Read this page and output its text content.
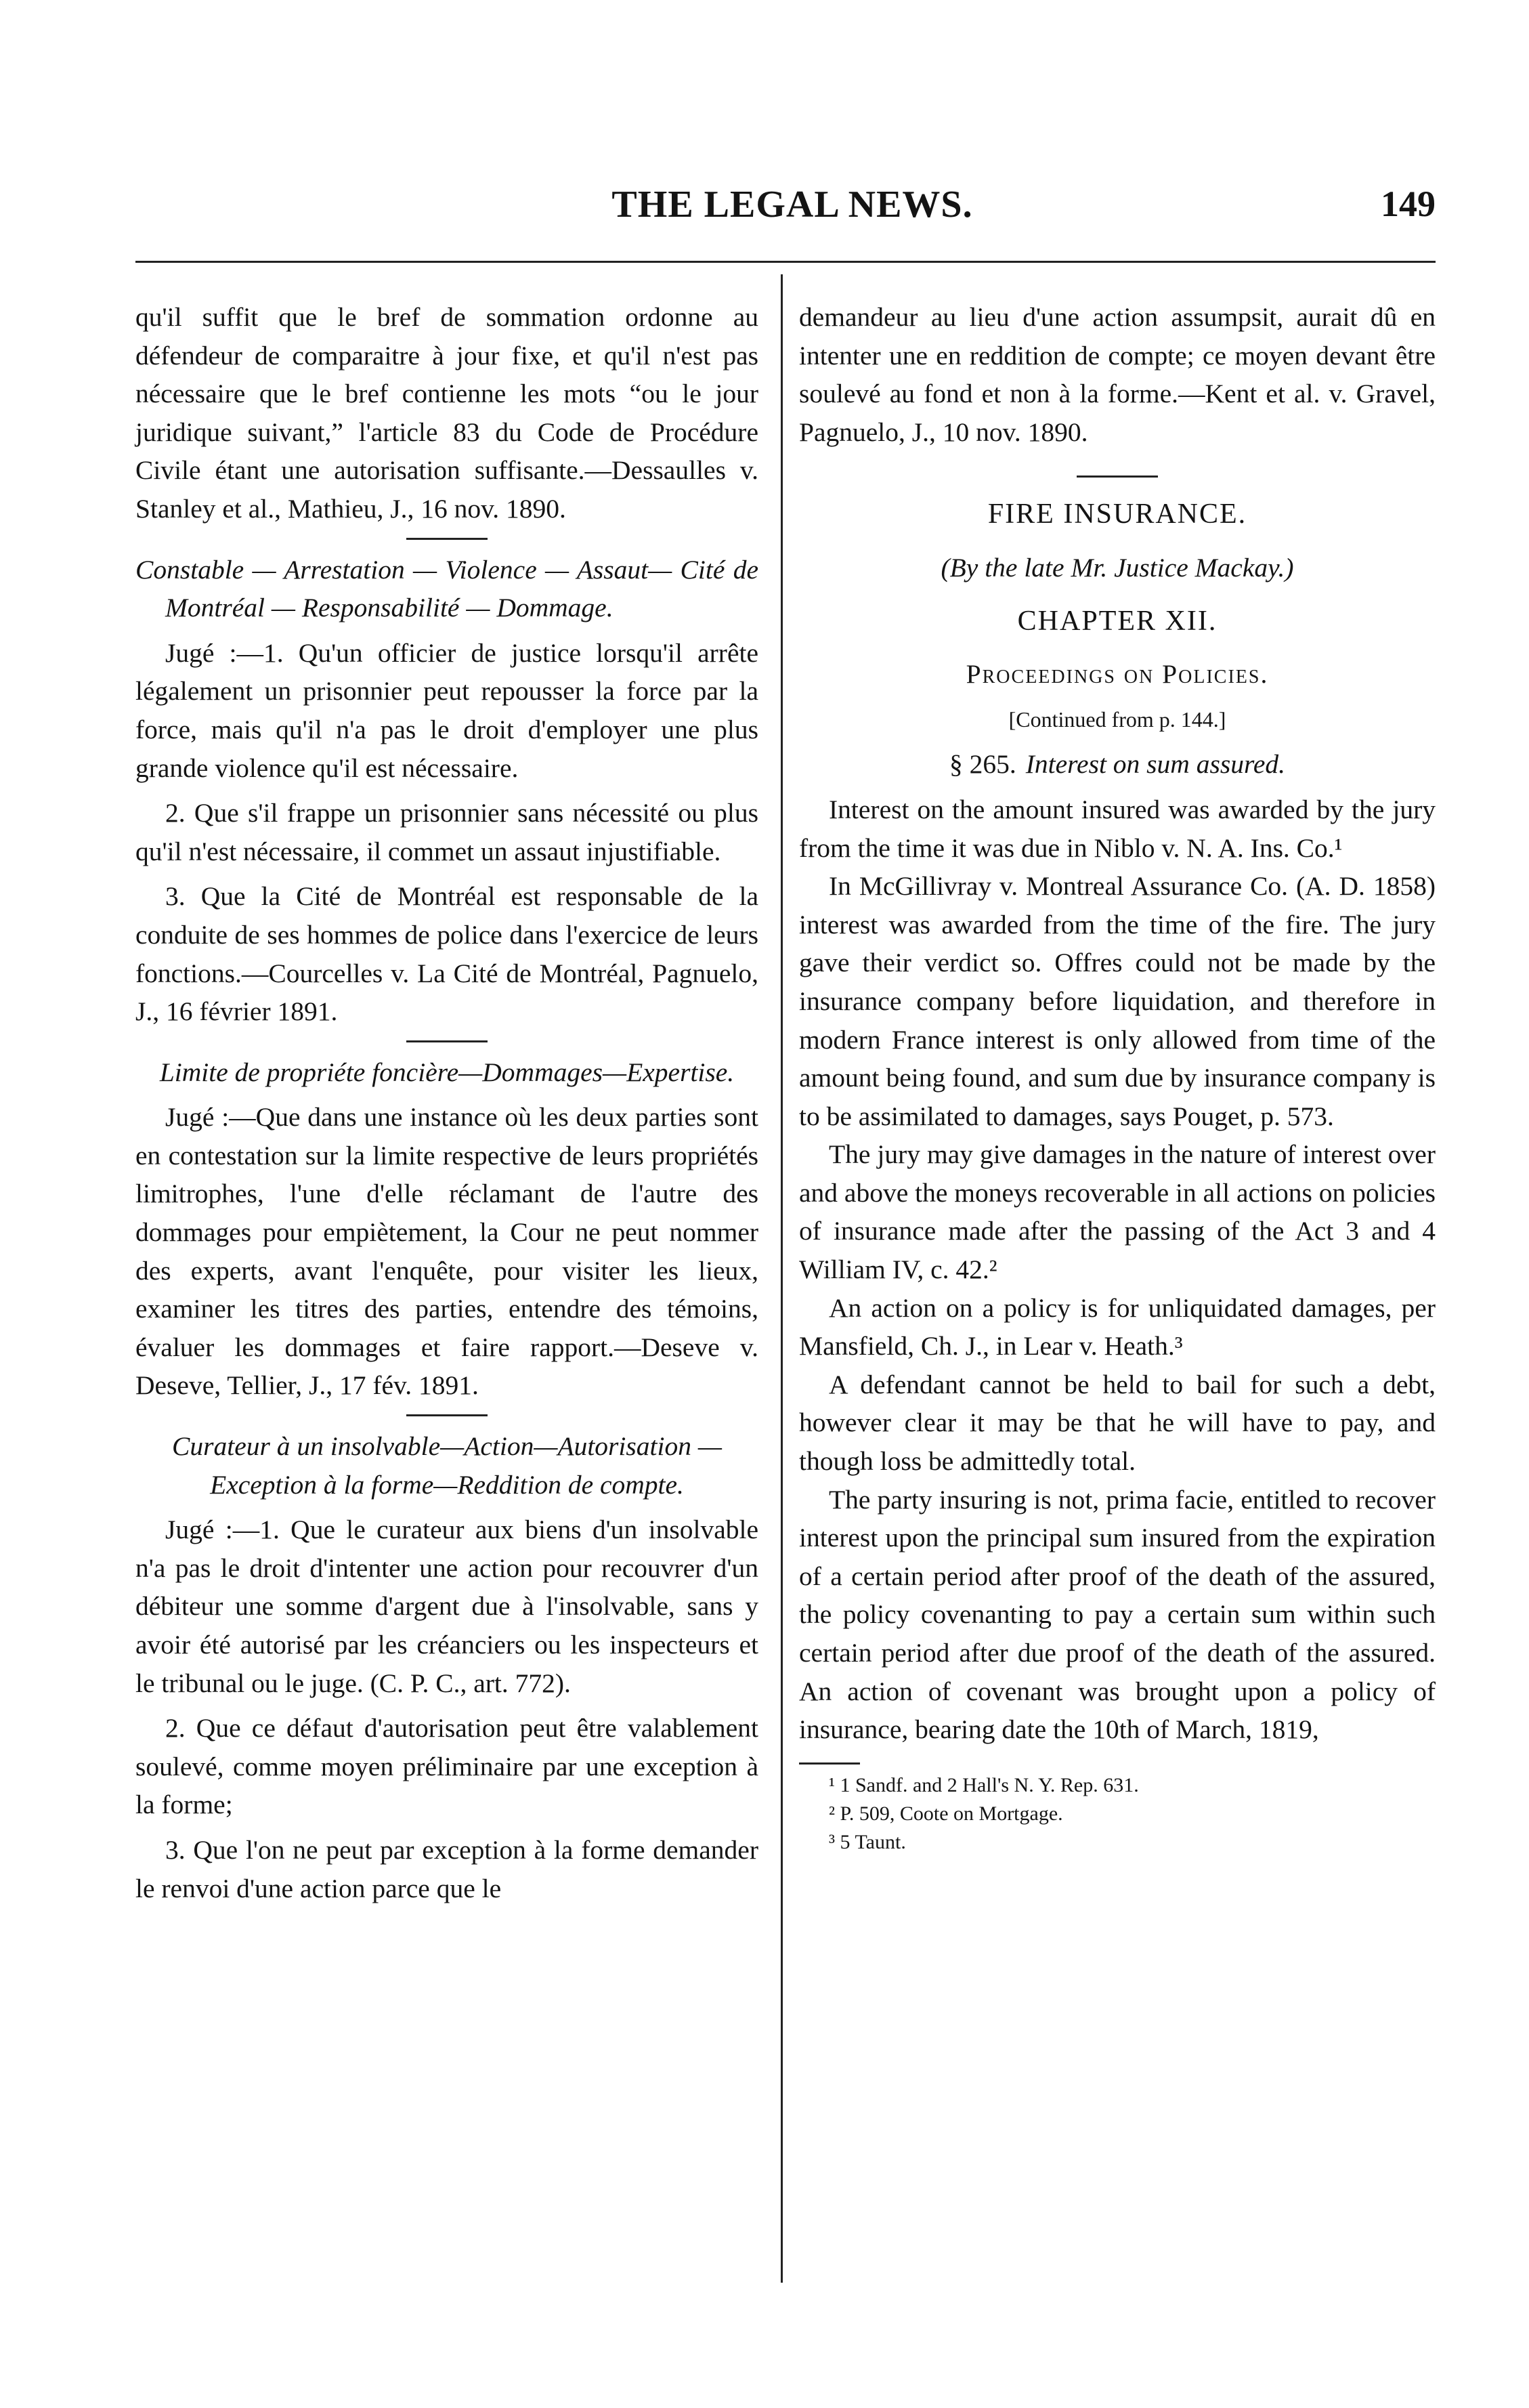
THE LEGAL NEWS.	149

qu'il suffit que le bref de sommation ordonne au défendeur de comparaitre à jour fixe, et qu'il n'est pas nécessaire que le bref contienne les mots “ou le jour juridique suivant,” l'article 83 du Code de Procédure Civile étant une autorisation suffisante.—Dessaulles v. Stanley et al., Mathieu, J., 16 nov. 1890.

Constable — Arrestation — Violence — Assaut— Cité de Montréal — Responsabilité — Dommage.

Jugé :—1. Qu'un officier de justice lorsqu'il arrête légalement un prisonnier peut repousser la force par la force, mais qu'il n'a pas le droit d'employer une plus grande violence qu'il est nécessaire.

2. Que s'il frappe un prisonnier sans nécessité ou plus qu'il n'est nécessaire, il commet un assaut injustifiable.

3. Que la Cité de Montréal est responsable de la conduite de ses hommes de police dans l'exercice de leurs fonctions.—Courcelles v. La Cité de Montréal, Pagnuelo, J., 16 février 1891.

Limite de propriéte foncière—Dommages—Expertise.

Jugé :—Que dans une instance où les deux parties sont en contestation sur la limite respective de leurs propriétés limitrophes, l'une d'elle réclamant de l'autre des dommages pour empiètement, la Cour ne peut nommer des experts, avant l'enquête, pour visiter les lieux, examiner les titres des parties, entendre des témoins, évaluer les dommages et faire rapport.—Deseve v. Deseve, Tellier, J., 17 fév. 1891.

Curateur à un insolvable—Action—Autorisation —Exception à la forme—Reddition de compte.

Jugé :—1. Que le curateur aux biens d'un insolvable n'a pas le droit d'intenter une action pour recouvrer d'un débiteur une somme d'argent due à l'insolvable, sans y avoir été autorisé par les créanciers ou les inspecteurs et le tribunal ou le juge. (C. P. C., art. 772).

2. Que ce défaut d'autorisation peut être valablement soulevé, comme moyen préliminaire par une exception à la forme;

3. Que l'on ne peut par exception à la forme demander le renvoi d'une action parce que le

demandeur au lieu d'une action assumpsit, aurait dû en intenter une en reddition de compte; ce moyen devant être soulevé au fond et non à la forme.—Kent et al. v. Gravel, Pagnuelo, J., 10 nov. 1890.

FIRE INSURANCE.

(By the late Mr. Justice Mackay.)

CHAPTER XII.

Proceedings on Policies.

[Continued from p. 144.]

§ 265. Interest on sum assured.

Interest on the amount insured was awarded by the jury from the time it was due in Niblo v. N. A. Ins. Co.¹

In McGillivray v. Montreal Assurance Co. (A. D. 1858) interest was awarded from the time of the fire. The jury gave their verdict so. Offres could not be made by the insurance company before liquidation, and therefore in modern France interest is only allowed from time of the amount being found, and sum due by insurance company is to be assimilated to damages, says Pouget, p. 573.

The jury may give damages in the nature of interest over and above the moneys recoverable in all actions on policies of insurance made after the passing of the Act 3 and 4 William IV, c. 42.²

An action on a policy is for unliquidated damages, per Mansfield, Ch. J., in Lear v. Heath.³

A defendant cannot be held to bail for such a debt, however clear it may be that he will have to pay, and though loss be admittedly total.

The party insuring is not, prima facie, entitled to recover interest upon the principal sum insured from the expiration of a certain period after proof of the death of the assured, the policy covenanting to pay a certain sum within such certain period after due proof of the death of the assured. An action of covenant was brought upon a policy of insurance, bearing date the 10th of March, 1819,

¹ 1 Sandf. and 2 Hall's N. Y. Rep. 631.

² P. 509, Coote on Mortgage.

³ 5 Taunt.
